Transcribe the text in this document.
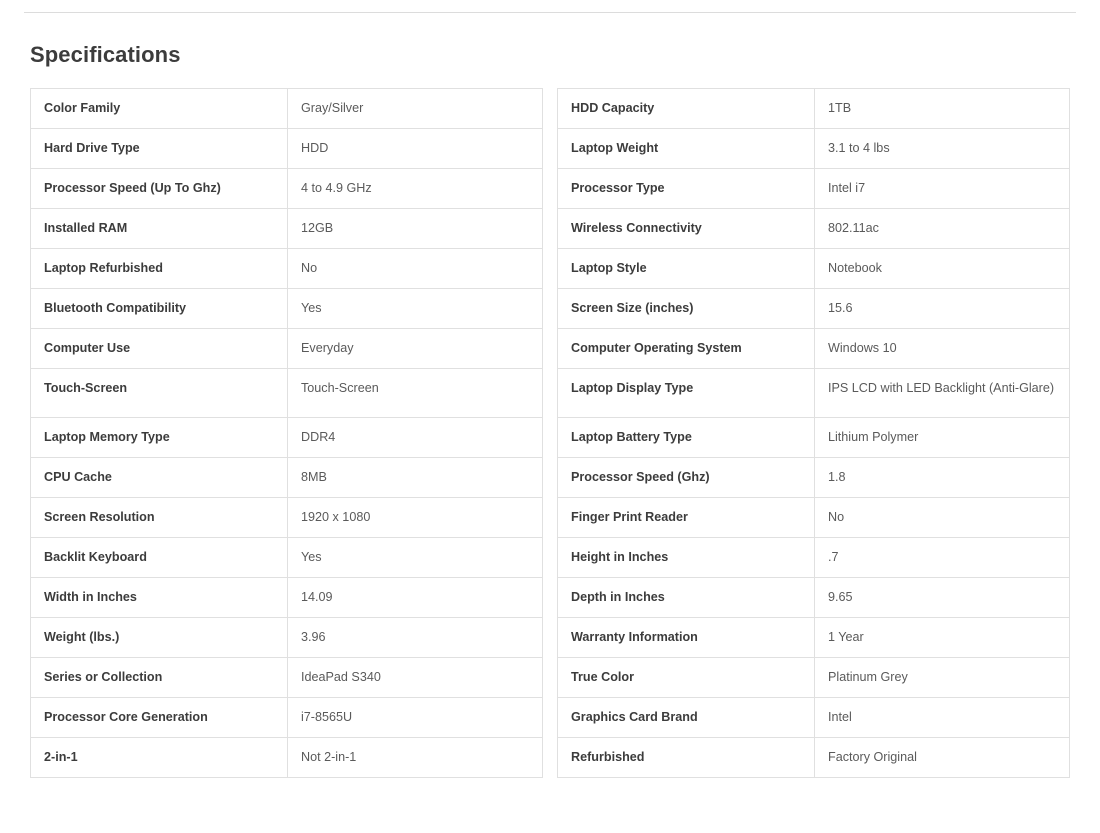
Specifications
Color Family	Gray/Silver
Hard Drive Type	HDD
Processor Speed (Up To Ghz)	4 to 4.9 GHz
Installed RAM	12GB
Laptop Refurbished	No
Bluetooth Compatibility	Yes
Computer Use	Everyday
Touch-Screen	Touch-Screen
Laptop Memory Type	DDR4
CPU Cache	8MB
Screen Resolution	1920 x 1080
Backlit Keyboard	Yes
Width in Inches	14.09
Weight (lbs.)	3.96
Series or Collection	IdeaPad S340
Processor Core Generation	i7-8565U
2-in-1	Not 2-in-1
HDD Capacity	1TB
Laptop Weight	3.1 to 4 lbs
Processor Type	Intel i7
Wireless Connectivity	802.11ac
Laptop Style	Notebook
Screen Size (inches)	15.6
Computer Operating System	Windows 10
Laptop Display Type	IPS LCD with LED Backlight (Anti-Glare)
Laptop Battery Type	Lithium Polymer
Processor Speed (Ghz)	1.8
Finger Print Reader	No
Height in Inches	.7
Depth in Inches	9.65
Warranty Information	1 Year
True Color	Platinum Grey
Graphics Card Brand	Intel
Refurbished	Factory Original
